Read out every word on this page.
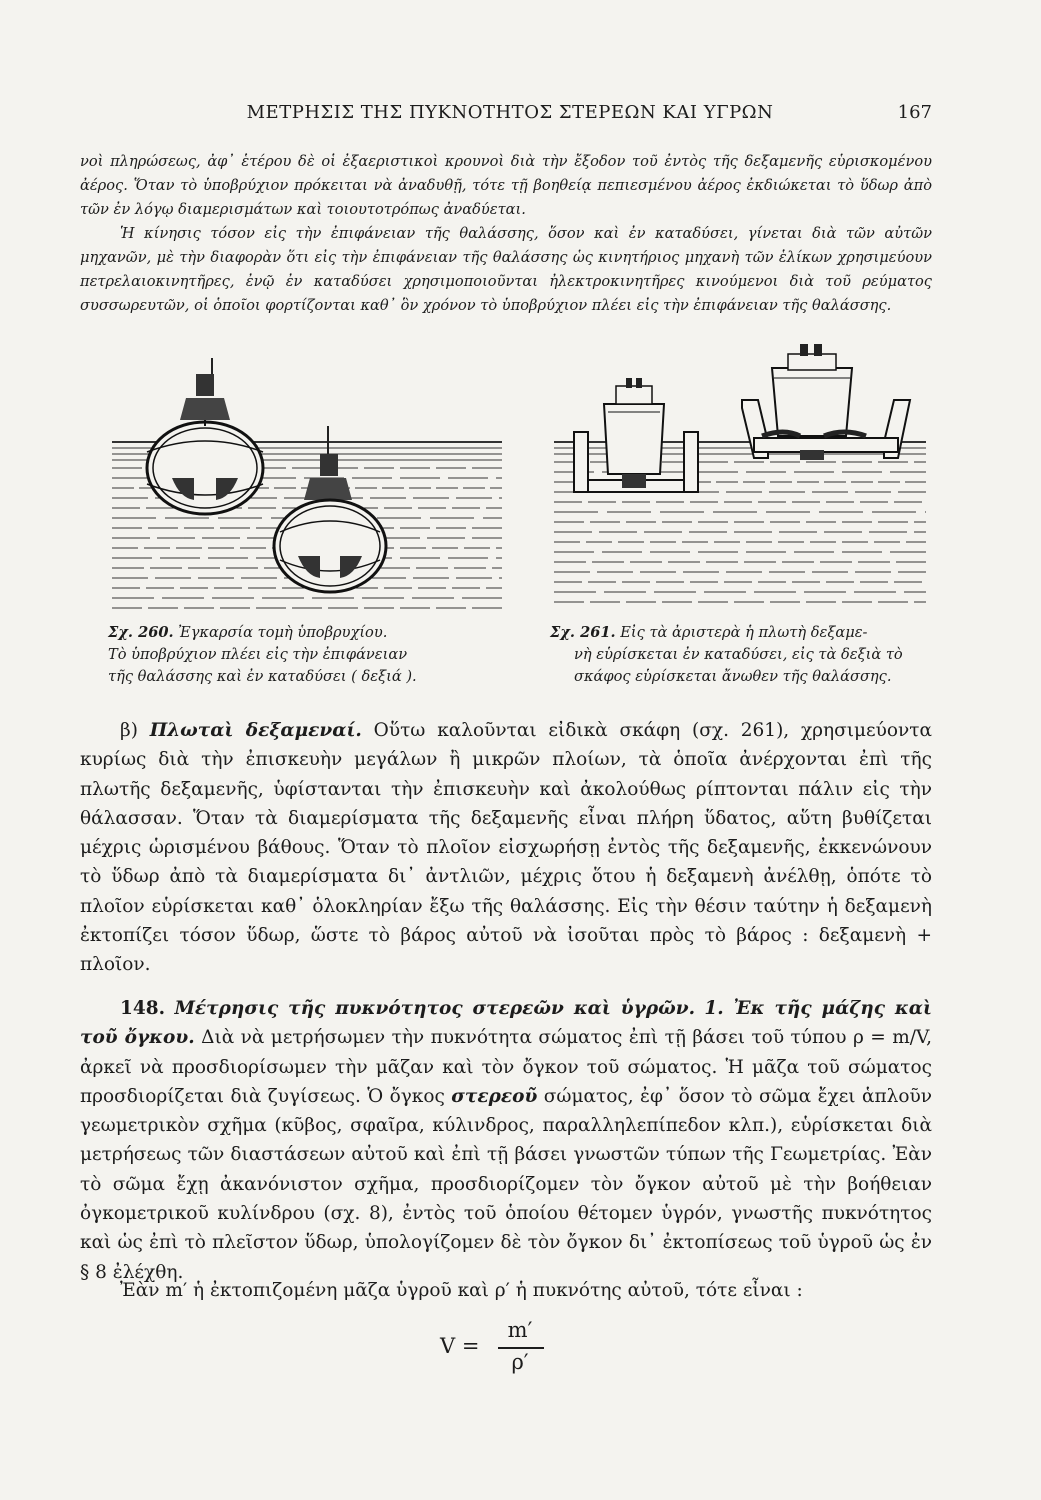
ΜΕΤΡΗΣΙΣ ΤΗΣ ΠΥΚΝΟΤΗΤΟΣ ΣΤΕΡΕΩΝ ΚΑΙ ΥΓΡΩΝ	167
νοὶ πληρώσεως, ἀφ᾽ ἑτέρου δὲ οἱ ἐξαεριστικοὶ κρουνοὶ διὰ τὴν ἔξοδον τοῦ ἐντὸς τῆς δεξαμενῆς εὑρισκομένου ἀέρος. Ὅταν τὸ ὑποβρύχιον πρόκειται νὰ ἀναδυθῇ, τότε τῇ βοηθείᾳ πεπιεσμένου ἀέρος ἐκδιώκεται τὸ ὕδωρ ἀπὸ τῶν ἐν λόγῳ διαμερισμάτων καὶ τοιουτοτρόπως ἀναδύεται.
Ἡ κίνησις τόσον εἰς τὴν ἐπιφάνειαν τῆς θαλάσσης, ὅσον καὶ ἐν καταδύσει, γίνεται διὰ τῶν αὐτῶν μηχανῶν, μὲ τὴν διαφορὰν ὅτι εἰς τὴν ἐπιφάνειαν τῆς θαλάσσης ὡς κινητήριος μηχανὴ τῶν ἑλίκων χρησιμεύουν πετρελαιοκινητῆρες, ἐνῷ ἐν καταδύσει χρησιμοποιοῦνται ἠλεκτροκινητῆρες κινούμενοι διὰ τοῦ ρεύματος συσσωρευτῶν, οἱ ὁποῖοι φορτίζονται καθ᾽ ὃν χρόνον τὸ ὑποβρύχιον πλέει εἰς τὴν ἐπιφάνειαν τῆς θαλάσσης.
Σχ. 260. Ἐγκαρσία τομὴ ὑποβρυχίου.
Τὸ ὑποβρύχιον πλέει εἰς τὴν ἐπιφάνειαν
τῆς θαλάσσης καὶ ἐν καταδύσει ( δεξιά ).
Σχ. 261. Εἰς τὰ ἀριστερὰ ἡ πλωτὴ δεξαμε-
νὴ εὑρίσκεται ἐν καταδύσει, εἰς τὰ δεξιὰ τὸ
σκάφος εὑρίσκεται ἄνωθεν τῆς θαλάσσης.
β) Πλωταὶ δεξαμεναί. Οὕτω καλοῦνται εἰδικὰ σκάφη (σχ. 261), χρησιμεύοντα κυρίως διὰ τὴν ἐπισκευὴν μεγάλων ἢ μικρῶν πλοίων, τὰ ὁποῖα ἀνέρχονται ἐπὶ τῆς πλωτῆς δεξαμενῆς, ὑφίστανται τὴν ἐπισκευὴν καὶ ἀκολούθως ρίπτονται πάλιν εἰς τὴν θάλασσαν. Ὅταν τὰ διαμερίσματα τῆς δεξαμενῆς εἶναι πλήρη ὕδατος, αὕτη βυθίζεται μέχρις ὡρισμένου βάθους. Ὅταν τὸ πλοῖον εἰσχωρήσῃ ἐντὸς τῆς δεξαμενῆς, ἐκκενώνουν τὸ ὕδωρ ἀπὸ τὰ διαμερίσματα δι᾽ ἀντλιῶν, μέχρις ὅτου ἡ δεξαμενὴ ἀνέλθῃ, ὁπότε τὸ πλοῖον εὑρίσκεται καθ᾽ ὁλοκληρίαν ἔξω τῆς θαλάσσης. Εἰς τὴν θέσιν ταύτην ἡ δεξαμενὴ ἐκτοπίζει τόσον ὕδωρ, ὥστε τὸ βάρος αὐτοῦ νὰ ἰσοῦται πρὸς τὸ βάρος : δεξαμενὴ + πλοῖον.
148. Μέτρησις τῆς πυκνότητος στερεῶν καὶ ὑγρῶν. 1. Ἐκ τῆς μάζης καὶ τοῦ ὄγκου. Διὰ νὰ μετρήσωμεν τὴν πυκνότητα σώματος ἐπὶ τῇ βάσει τοῦ τύπου ρ = m/V, ἀρκεῖ νὰ προσδιορίσωμεν τὴν μᾶζαν καὶ τὸν ὄγκον τοῦ σώματος. Ἡ μᾶζα τοῦ σώματος προσδιορίζεται διὰ ζυγίσεως. Ὁ ὄγκος στερεοῦ σώματος, ἐφ᾽ ὅσον τὸ σῶμα ἔχει ἁπλοῦν γεωμετρικὸν σχῆμα (κῦβος, σφαῖρα, κύλινδρος, παραλληλεπίπεδον κλπ.), εὑρίσκεται διὰ μετρήσεως τῶν διαστάσεων αὐτοῦ καὶ ἐπὶ τῇ βάσει γνωστῶν τύπων τῆς Γεωμετρίας. Ἐὰν τὸ σῶμα ἔχῃ ἀκανόνιστον σχῆμα, προσδιορίζομεν τὸν ὄγκον αὐτοῦ μὲ τὴν βοήθειαν ὀγκομετρικοῦ κυλίνδρου (σχ. 8), ἐντὸς τοῦ ὁποίου θέτομεν ὑγρόν, γνωστῆς πυκνότητος καὶ ὡς ἐπὶ τὸ πλεῖστον ὕδωρ, ὑπολογίζομεν δὲ τὸν ὄγκον δι᾽ ἐκτοπίσεως τοῦ ὑγροῦ ὡς ἐν § 8 ἐλέχθη.
Ἐὰν m′ ἡ ἐκτοπιζομένη μᾶζα ὑγροῦ καὶ ρ′ ἡ πυκνότης αὐτοῦ, τότε εἶναι :
V =
m′
ρ′
